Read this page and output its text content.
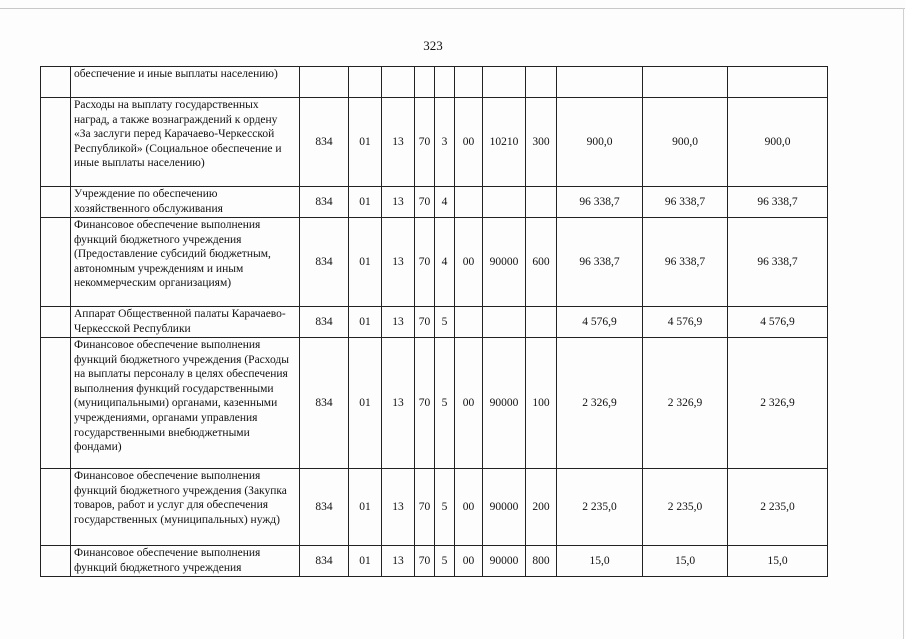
323
	обеспечение и иные выплаты населению)											
	Расходы на выплату государственных наград, а также вознаграждений к ордену «За заслуги перед Карачаево-Черкесской Республикой» (Социальное обеспечение и иные выплаты населению)	834	01	13	70	3	00	10210	300	900,0	900,0	900,0
	Учреждение по обеспечению хозяйственного обслуживания	834	01	13	70	4				96 338,7	96 338,7	96 338,7
	Финансовое обеспечение выполнения функций бюджетного учреждения (Предоставление субсидий бюджетным, автономным учреждениям и иным некоммерческим организациям)	834	01	13	70	4	00	90000	600	96 338,7	96 338,7	96 338,7
	Аппарат Общественной палаты Карачаево-Черкесской Республики	834	01	13	70	5				4 576,9	4 576,9	4 576,9
	Финансовое обеспечение выполнения функций бюджетного учреждения (Расходы на выплаты персоналу в целях обеспечения выполнения функций государственными (муниципальными) органами, казенными учреждениями, органами управления государственными внебюджетными фондами)	834	01	13	70	5	00	90000	100	2 326,9	2 326,9	2 326,9
	Финансовое обеспечение выполнения функций бюджетного учреждения (Закупка товаров, работ и услуг для обеспечения государственных (муниципальных) нужд)	834	01	13	70	5	00	90000	200	2 235,0	2 235,0	2 235,0
	Финансовое обеспечение выполнения функций бюджетного учреждения	834	01	13	70	5	00	90000	800	15,0	15,0	15,0
